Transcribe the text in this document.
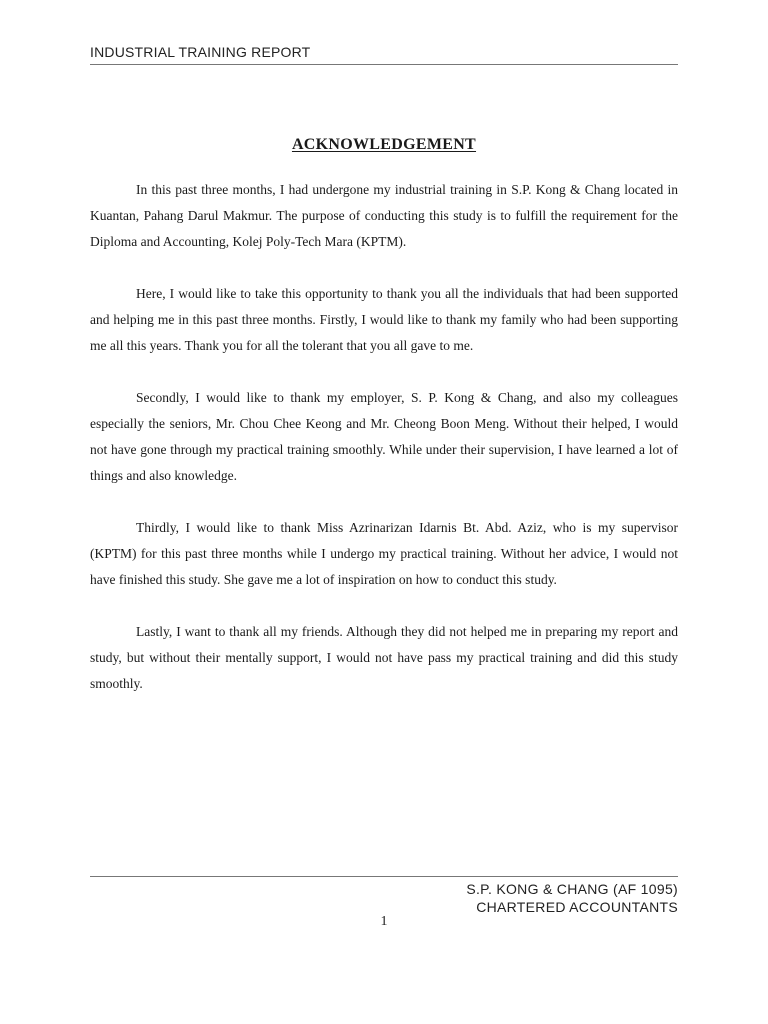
INDUSTRIAL TRAINING REPORT
ACKNOWLEDGEMENT

In this past three months, I had undergone my industrial training in S.P. Kong & Chang located in Kuantan, Pahang Darul Makmur. The purpose of conducting this study is to fulfill the requirement for the Diploma and Accounting, Kolej Poly-Tech Mara (KPTM).

Here, I would like to take this opportunity to thank you all the individuals that had been supported and helping me in this past three months. Firstly, I would like to thank my family who had been supporting me all this years. Thank you for all the tolerant that you all gave to me.

Secondly, I would like to thank my employer, S. P. Kong & Chang, and also my colleagues especially the seniors, Mr. Chou Chee Keong and Mr. Cheong Boon Meng. Without their helped, I would not have gone through my practical training smoothly. While under their supervision, I have learned a lot of things and also knowledge.

Thirdly, I would like to thank Miss Azrinarizan Idarnis Bt. Abd. Aziz, who is my supervisor (KPTM) for this past three months while I undergo my practical training. Without her advice, I would not have finished this study. She gave me a lot of inspiration on how to conduct this study.

Lastly, I want to thank all my friends. Although they did not helped me in preparing my report and study, but without their mentally support, I would not have pass my practical training and did this study smoothly.

S.P. KONG & CHANG (AF 1095)
CHARTERED ACCOUNTANTS
1
